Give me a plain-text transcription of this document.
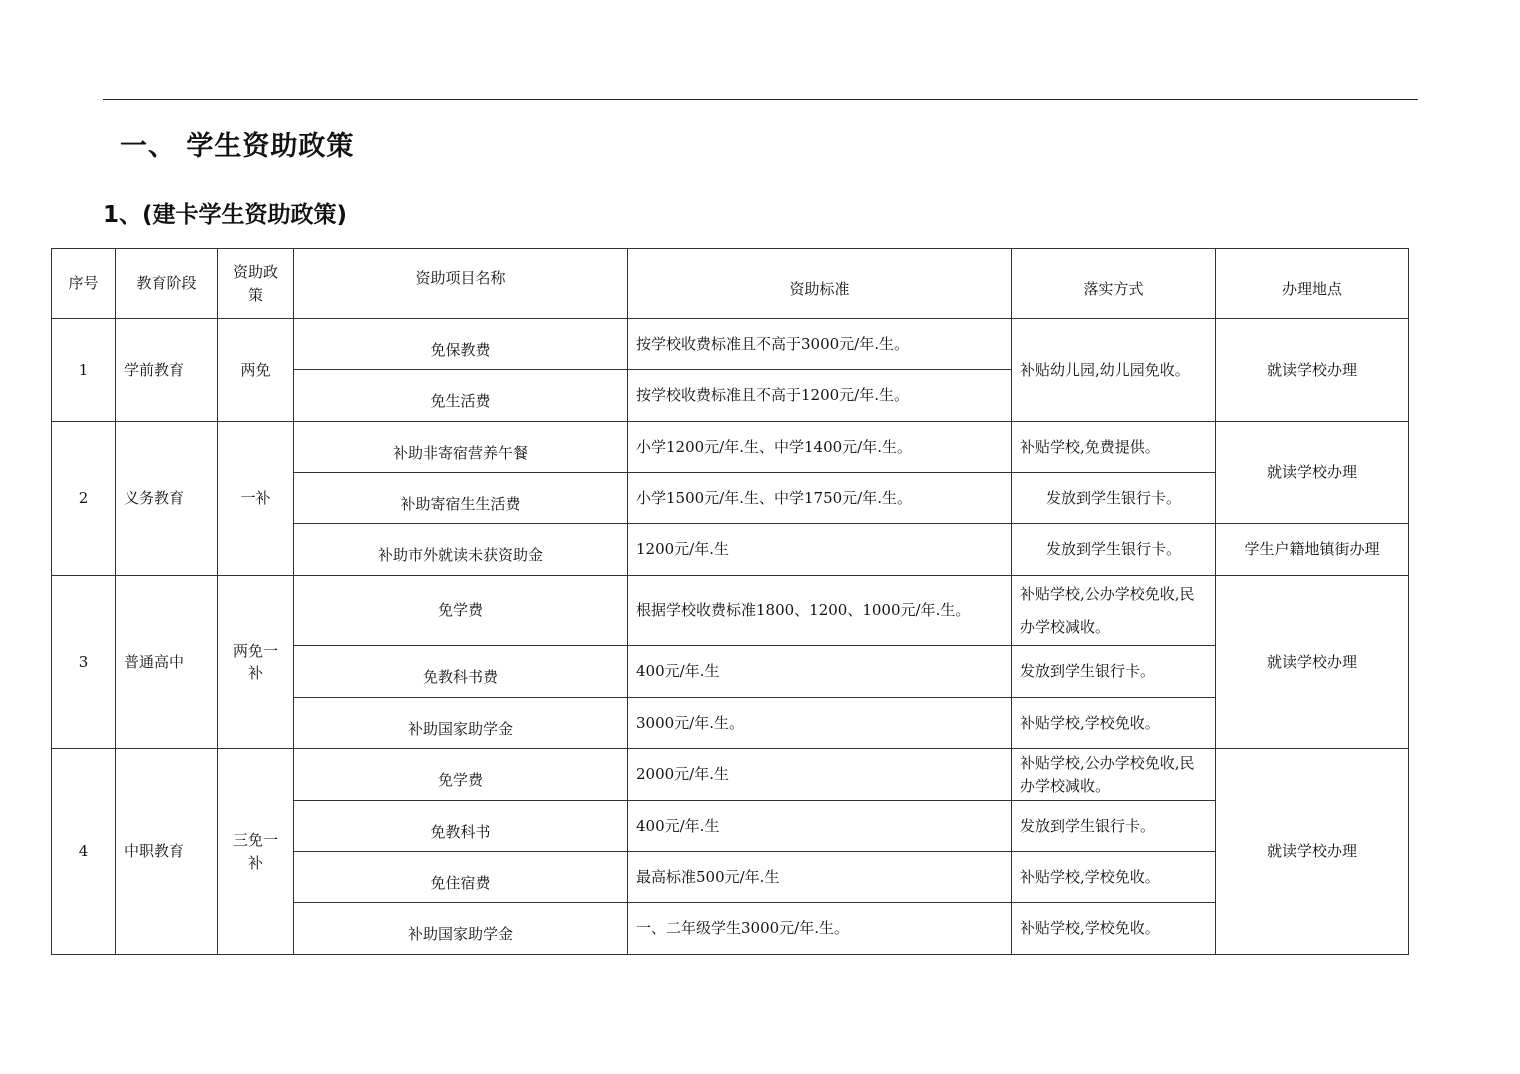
一、 学生资助政策
1、(建卡学生资助政策)
序号	教育阶段	资助政策	资助项目名称	资助标准	落实方式	办理地点
1	学前教育	两免	免保教费	按学校收费标准且不高于3000元/年.生。	补贴幼儿园,幼儿园免收。	就读学校办理
			免生活费	按学校收费标准且不高于1200元/年.生。		
2	义务教育	一补	补助非寄宿营养午餐	小学1200元/年.生、中学1400元/年.生。	补贴学校,免费提供。	就读学校办理
			补助寄宿生生活费	小学1500元/年.生、中学1750元/年.生。	发放到学生银行卡。	
			补助市外就读未获资助金	1200元/年.生	发放到学生银行卡。	学生户籍地镇街办理
3	普通高中	两免一补	免学费	根据学校收费标准1800、1200、1000元/年.生。	补贴学校,公办学校免收,民办学校减收。	就读学校办理
			免教科书费	400元/年.生	发放到学生银行卡。	
			补助国家助学金	3000元/年.生。	补贴学校,学校免收。	
4	中职教育	三免一补	免学费	2000元/年.生	补贴学校,公办学校免收,民办学校减收。	就读学校办理
			免教科书	400元/年.生	发放到学生银行卡。	
			免住宿费	最高标准500元/年.生	补贴学校,学校免收。	
			补助国家助学金	一、二年级学生3000元/年.生。	补贴学校,学校免收。	
